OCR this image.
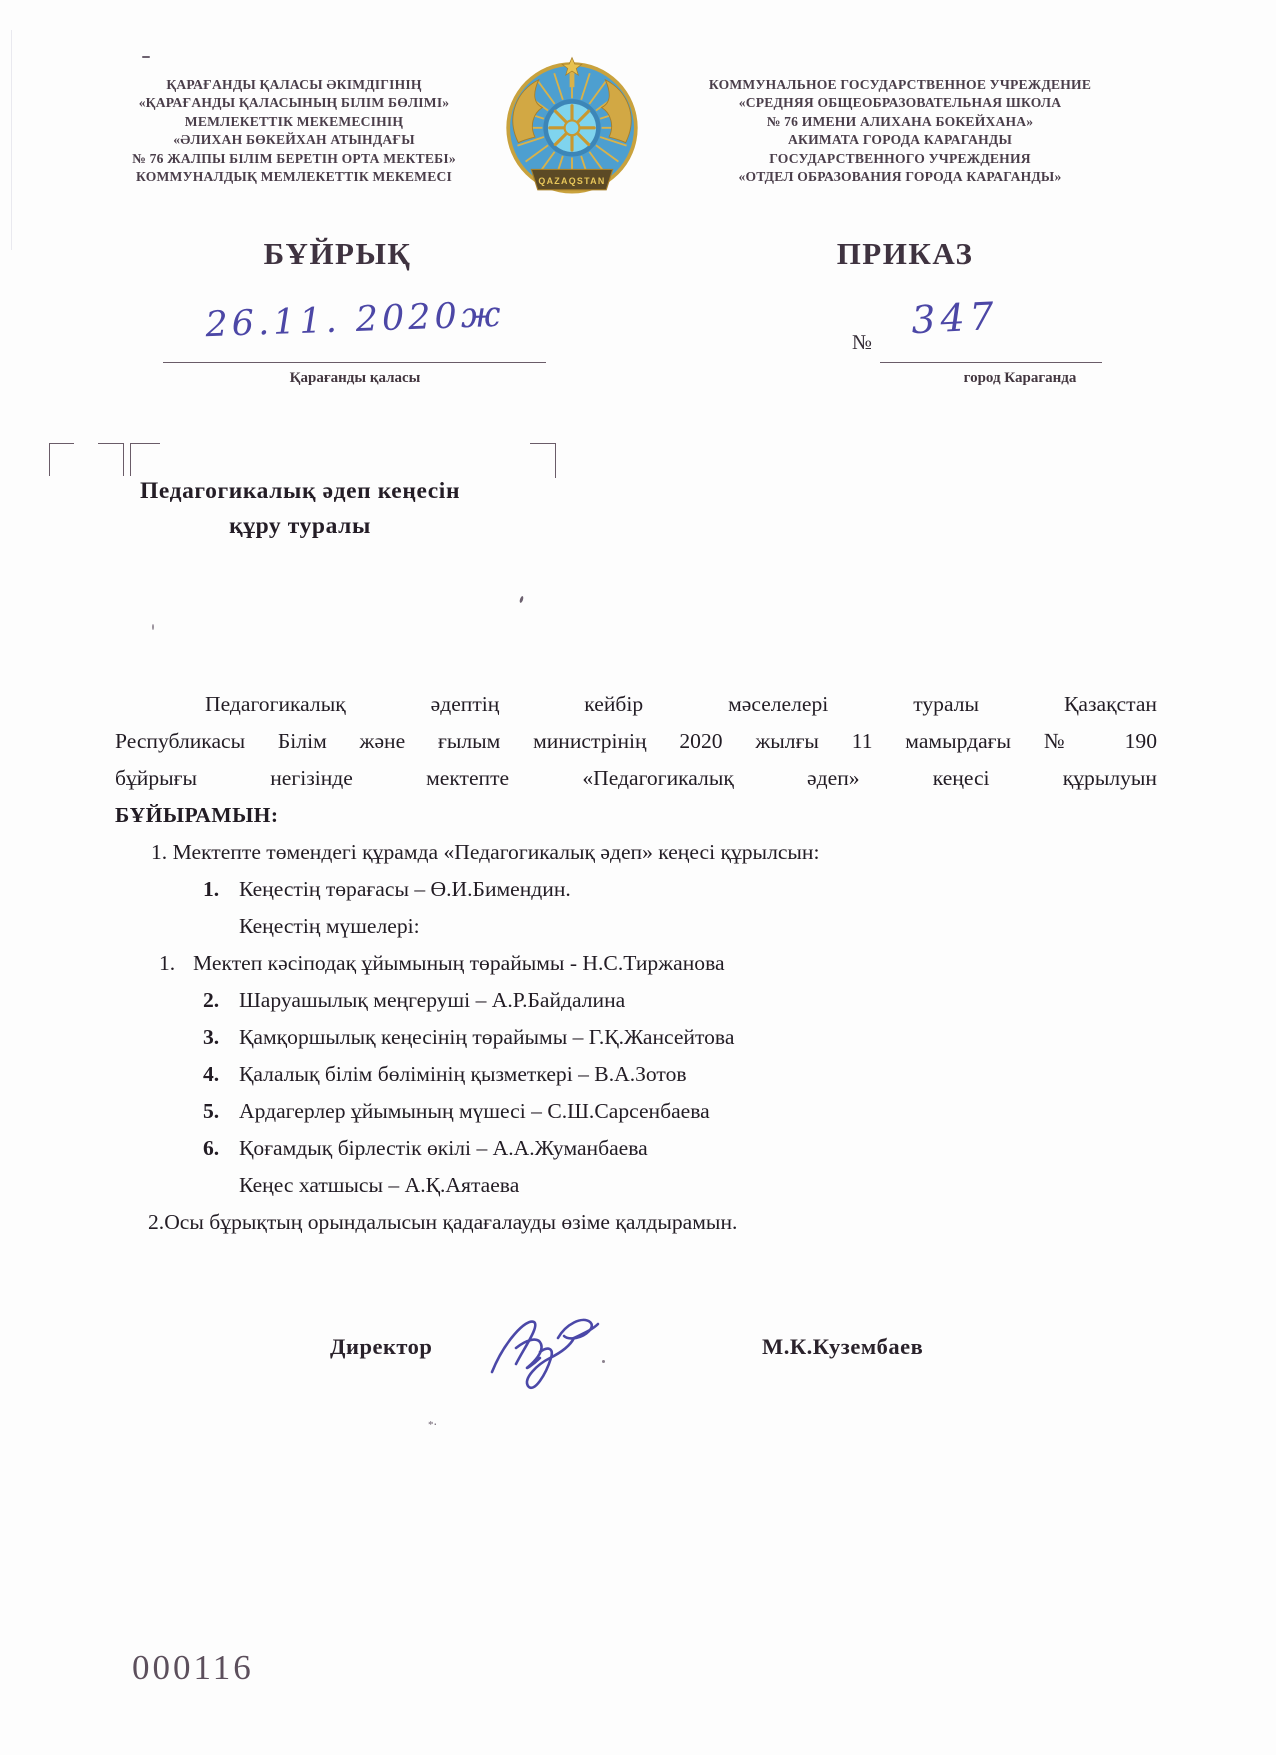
ҚАРАҒАНДЫ ҚАЛАСЫ ӘКІМДІГІНІҢ
«ҚАРАҒАНДЫ ҚАЛАСЫНЫҢ БІЛІМ БӨЛІМІ»
МЕМЛЕКЕТТІК МЕКЕМЕСІНІҢ
«ӘЛИХАН БӨКЕЙХАН АТЫНДАҒЫ
№ 76 ЖАЛПЫ БІЛІМ БЕРЕТІН ОРТА МЕКТЕБІ»
КОММУНАЛДЫҚ МЕМЛЕКЕТТІК МЕКЕМЕСІ	QAZAQSTAN
КОММУНАЛЬНОЕ ГОСУДАРСТВЕННОЕ УЧРЕЖДЕНИЕ
«СРЕДНЯЯ ОБЩЕОБРАЗОВАТЕЛЬНАЯ ШКОЛА
№ 76 ИМЕНИ АЛИХАНА БОКЕЙХАНА»
АКИМАТА ГОРОДА КАРАГАНДЫ
ГОСУДАРСТВЕННОГО УЧРЕЖДЕНИЯ
«ОТДЕЛ ОБРАЗОВАНИЯ ГОРОДА КАРАГАНДЫ»
БҰЙРЫҚ	ПРИКАЗ
26.11. 2020ж
Қарағанды қаласы
№	347
город Караганда
Педагогикалық әдеп кеңесін
құру туралы
Педагогикалық әдептің кейбір мәселелері туралы Қазақстан
Республикасы Білім және ғылым министрінің 2020 жылғы 11 мамырдағы № 190
бұйрығы негізінде мектепте «Педагогикалық әдеп» кеңесі құрылуын
БҰЙЫРАМЫН:
1. Мектепте төмендегі құрамда «Педагогикалық әдеп» кеңесі құрылсын:
1. Кеңестің төрағасы – Ө.И.Бимендин.
Кеңестің мүшелері:
1. Мектеп кәсіподақ ұйымының төрайымы - Н.С.Тиржанова
2. Шаруашылық меңгеруші – А.Р.Байдалина
3. Қамқоршылық кеңесінің төрайымы – Г.Қ.Жансейтова
4. Қалалық білім бөлімінің қызметкері – В.А.Зотов
5. Ардагерлер ұйымының мүшесі – С.Ш.Сарсенбаева
6. Қоғамдық бірлестік өкілі – А.А.Жуманбаева
Кеңес хатшысы – А.Қ.Аятаева
2.Осы бұрықтың орындалысын қадағалауды өзіме қалдырамын.
Директор	М.К.Кузембаев
000116
*⋅
